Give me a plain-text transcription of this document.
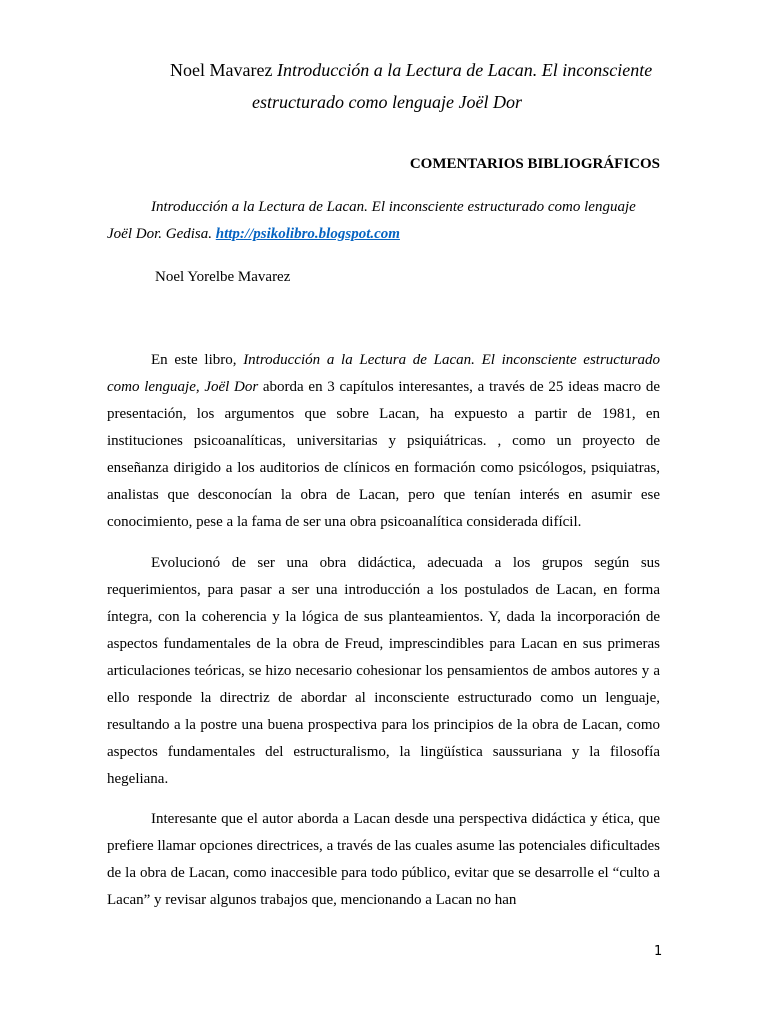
Noel Mavarez Introducción a la Lectura de Lacan. El inconsciente
estructurado como lenguaje Joël Dor
COMENTARIOS BIBLIOGRÁFICOS
Introducción a la Lectura de Lacan. El inconsciente estructurado como lenguaje
Joël Dor. Gedisa. http://psikolibro.blogspot.com
Noel Yorelbe Mavarez

En este libro, Introducción a la Lectura de Lacan. El inconsciente estructurado como lenguaje, Joël Dor aborda en 3 capítulos interesantes, a través de 25 ideas macro de presentación, los argumentos que sobre Lacan, ha expuesto a partir de 1981, en instituciones psicoanalíticas, universitarias y psiquiátricas. , como un proyecto de enseñanza dirigido a los auditorios de clínicos en formación como psicólogos, psiquiatras, analistas que desconocían la obra de Lacan, pero que tenían interés en asumir ese conocimiento, pese a la fama de ser una obra psicoanalítica considerada difícil.

Evolucionó de ser una obra didáctica, adecuada a los grupos según sus requerimientos, para pasar a ser una introducción a los postulados de Lacan, en forma íntegra, con la coherencia y la lógica de sus planteamientos. Y, dada la incorporación de aspectos fundamentales de la obra de Freud, imprescindibles para Lacan en sus primeras articulaciones teóricas, se hizo necesario cohesionar los pensamientos de ambos autores y a ello responde la directriz de abordar al inconsciente estructurado como un lenguaje, resultando a la postre una buena prospectiva para los principios de la obra de Lacan, como aspectos fundamentales del estructuralismo, la lingüística saussuriana y la filosofía hegeliana.

Interesante que el autor aborda a Lacan desde una perspectiva didáctica y ética, que prefiere llamar opciones directrices, a través de las cuales asume las potenciales dificultades de la obra de Lacan, como inaccesible para todo público, evitar que se desarrolle el “culto a Lacan” y revisar algunos trabajos que, mencionando a Lacan no han

1
